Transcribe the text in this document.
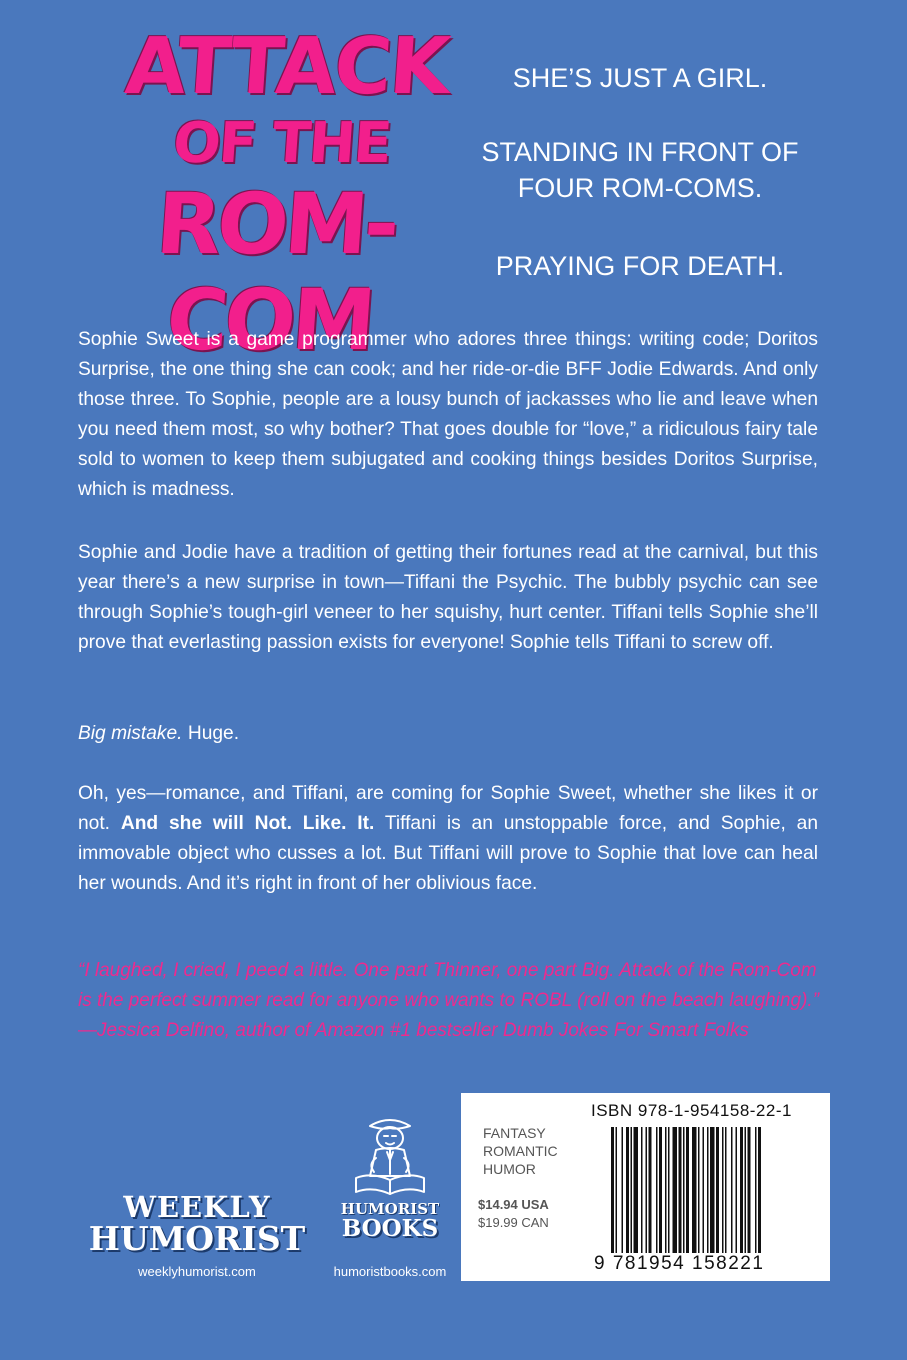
ATTACK
OF THE
ROM-COM
SHE’S JUST A GIRL.
STANDING IN FRONT OF
FOUR ROM-COMS.
PRAYING FOR DEATH.
Sophie Sweet is a game programmer who adores three things: writing code; Doritos Surprise, the one thing she can cook; and her ride-or-die BFF Jodie Edwards. And only those three. To Sophie, people are a lousy bunch of jackasses who lie and leave when you need them most, so why bother? That goes double for “love,” a ridiculous fairy tale sold to women to keep them subjugated and cooking things besides Doritos Surprise, which is madness.
Sophie and Jodie have a tradition of getting their fortunes read at the carnival, but this year there’s a new surprise in town—Tiffani the Psychic. The bubbly psychic can see through Sophie’s tough-girl veneer to her squishy, hurt center. Tiffani tells Sophie she’ll prove that everlasting passion exists for everyone! Sophie tells Tiffani to screw off.
Big mistake. Huge.
Oh, yes—romance, and Tiffani, are coming for Sophie Sweet, whether she likes it or not. And she will Not. Like. It. Tiffani is an unstoppable force, and Sophie, an immovable object who cusses a lot. But Tiffani will prove to Sophie that love can heal her wounds. And it’s right in front of her oblivious face.
“I laughed, I cried, I peed a little. One part Thinner, one part Big. Attack of the Rom-Com is the perfect summer read for anyone who wants to ROBL (roll on the beach laughing).”
—Jessica Delfino, author of Amazon #1 bestseller Dumb Jokes For Smart Folks
WEEKLY
HUMORIST
weeklyhumorist.com
HUMORIST
BOOKS
humoristbooks.com
ISBN 978-1-954158-22-1
FANTASY
ROMANTIC
HUMOR
$14.94 USA
$19.99 CAN
9 781954 158221
